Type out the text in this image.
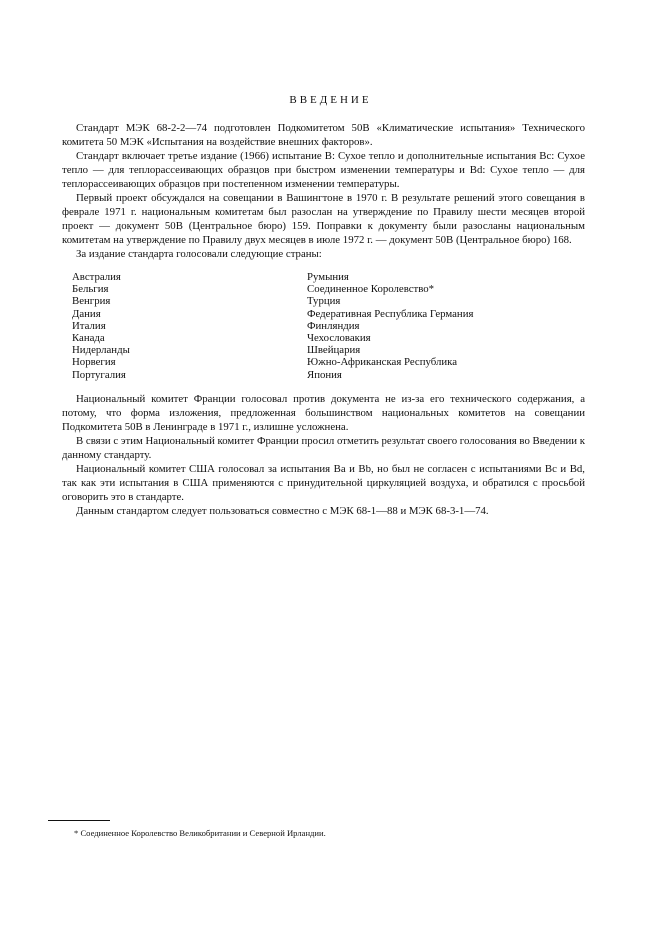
ВВЕДЕНИЕ

Стандарт МЭК 68-2-2—74 подготовлен Подкомитетом 50В «Климатические испытания» Технического комитета 50 МЭК «Испытания на воздействие внешних факторов».

Стандарт включает третье издание (1966) испытание В: Сухое тепло и дополнительные испытания Вс: Сухое тепло — для теплорассеивающих образцов при быстром изменении температуры и Bd: Сухое тепло — для теплорассеивающих образцов при постепенном изменении температуры.

Первый проект обсуждался на совещании в Вашингтоне в 1970 г. В результате решений этого совещания в феврале 1971 г. национальным комитетам был разослан на утверждение по Правилу шести месяцев второй проект — документ 50В (Центральное бюро) 159. Поправки к документу были разосланы национальным комитетам на утверждение по Правилу двух месяцев в июле 1972 г. — документ 50В (Центральное бюро) 168.

За издание стандарта голосовали следующие страны:
Австралия
Бельгия
Венгрия
Дания
Италия
Канада
Нидерланды
Норвегия
Португалия
Румыния
Соединенное Королевство*
Турция
Федеративная Республика Германия
Финляндия
Чехословакия
Швейцария
Южно-Африканская Республика
Япония

Национальный комитет Франции голосовал против документа не из-за его технического содержания, а потому, что форма изложения, предложенная большинством национальных комитетов на совещании Подкомитета 50В в Ленинграде в 1971 г., излишне усложнена.

В связи с этим Национальный комитет Франции просил отметить результат своего голосования во Введении к данному стандарту.

Национальный комитет США голосовал за испытания Ва и Bb, но был не согласен с испытаниями Вс и Bd, так как эти испытания в США применяются с принудительной циркуляцией воздуха, и обратился с просьбой оговорить это в стандарте.

Данным стандартом следует пользоваться совместно с МЭК 68-1—88 и МЭК 68-3-1—74.

* Соединенное Королевство Великобритании и Северной Ирландии.
